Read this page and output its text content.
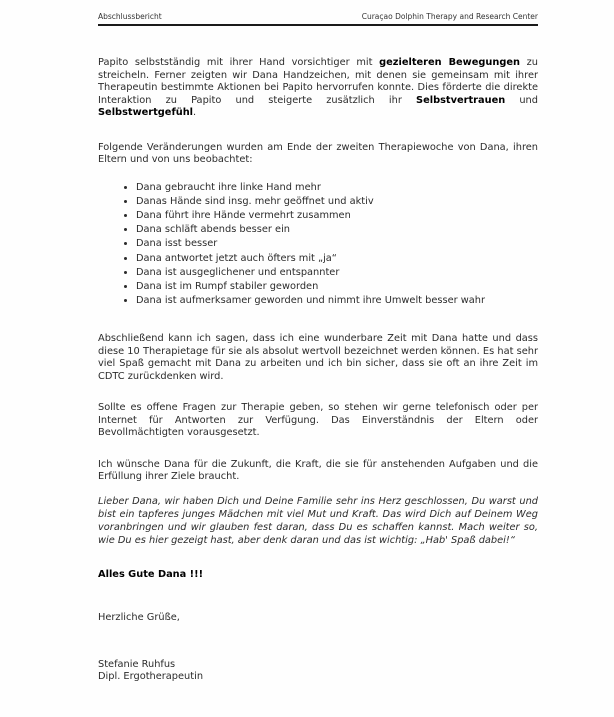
Abschlussbericht	Curaçao Dolphin Therapy and Research Center

Papito selbstständig mit ihrer Hand vorsichtiger mit gezielteren Bewegungen zu streicheln. Ferner zeigten wir Dana Handzeichen, mit denen sie gemeinsam mit ihrer Therapeutin bestimmte Aktionen bei Papito hervorrufen konnte. Dies förderte die direkte Interaktion zu Papito und steigerte zusätzlich ihr Selbstvertrauen und Selbstwertgefühl.

Folgende Veränderungen wurden am Ende der zweiten Therapiewoche von Dana, ihren Eltern und von uns beobachtet:

• Dana gebraucht ihre linke Hand mehr
• Danas Hände sind insg. mehr geöffnet und aktiv
• Dana führt ihre Hände vermehrt zusammen
• Dana schläft abends besser ein
• Dana isst besser
• Dana antwortet jetzt auch öfters mit „ja“
• Dana ist ausgeglichener und entspannter
• Dana ist im Rumpf stabiler geworden
• Dana ist aufmerksamer geworden und nimmt ihre Umwelt besser wahr

Abschließend kann ich sagen, dass ich eine wunderbare Zeit mit Dana hatte und dass diese 10 Therapietage für sie als absolut wertvoll bezeichnet werden können. Es hat sehr viel Spaß gemacht mit Dana zu arbeiten und ich bin sicher, dass sie oft an ihre Zeit im CDTC zurückdenken wird.

Sollte es offene Fragen zur Therapie geben, so stehen wir gerne telefonisch oder per Internet für Antworten zur Verfügung. Das Einverständnis der Eltern oder Bevollmächtigten vorausgesetzt.

Ich wünsche Dana für die Zukunft, die Kraft, die sie für anstehenden Aufgaben und die Erfüllung ihrer Ziele braucht.

Lieber Dana, wir haben Dich und Deine Familie sehr ins Herz geschlossen, Du warst und bist ein tapferes junges Mädchen mit viel Mut und Kraft. Das wird Dich auf Deinem Weg voranbringen und wir glauben fest daran, dass Du es schaffen kannst. Mach weiter so, wie Du es hier gezeigt hast, aber denk daran und das ist wichtig: „Hab' Spaß dabei!“

Alles Gute Dana !!!

Herzliche Grüße,

Stefanie Ruhfus
Dipl. Ergotherapeutin
